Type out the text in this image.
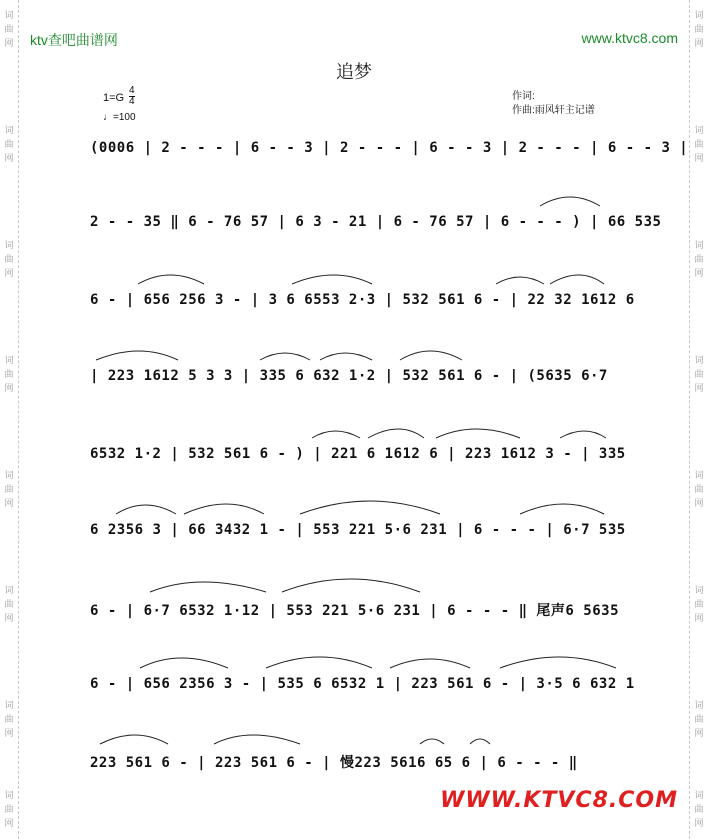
词
曲
网
词
曲
网
词
曲
网
词
曲
网
词
曲
网
词
曲
网
词
曲
网
词
曲
网
词
曲
网
词
曲
网
词
曲
网
词
曲
网
词
曲
网
词
曲
网
词
曲
网
词
曲
网
ktv查吧曲谱网	www.ktvc8.com
追梦
$1=G \frac{4}{4}$
♩=100
作词:
作曲:雨风轩主记谱
(0006 | 2 - - - | 6 - - 3 | 2 - - - | 6 - - 3 | 2 - - - | 6 - - 3 |
2 - - 35 ‖ 6 - 76 57 | 6 3 - 21 | 6 - 76 57 | 6 - - - ) | 66 535
6 - | 656 256 3 - | 3 6 6553 2·3 | 532 561 6 - | 22 32 1612 6
| 223 1612 5 3 3 | 335 6 632 1·2 | 532 561 6 - | (5635 6·7
6532 1·2 | 532 561 6 - ) | 221 6 1612 6 | 223 1612 3 - | 335
6 2356 3 | 66 3432 1 - | 553 221 5·6 231 | 6 - - - | 6·7 535
6 - | 6·7 6532 1·12 | 553 221 5·6 231 | 6 - - - ‖ 尾声6 5635
6 - | 656 2356 3 - | 535 6 6532 1 | 223 561 6 - | 3·5 6 632 1
223 561 6 - | 223 561 6 - | 慢223 5616 65 6 | 6 - - - ‖
WWW.KTVC8.COM
